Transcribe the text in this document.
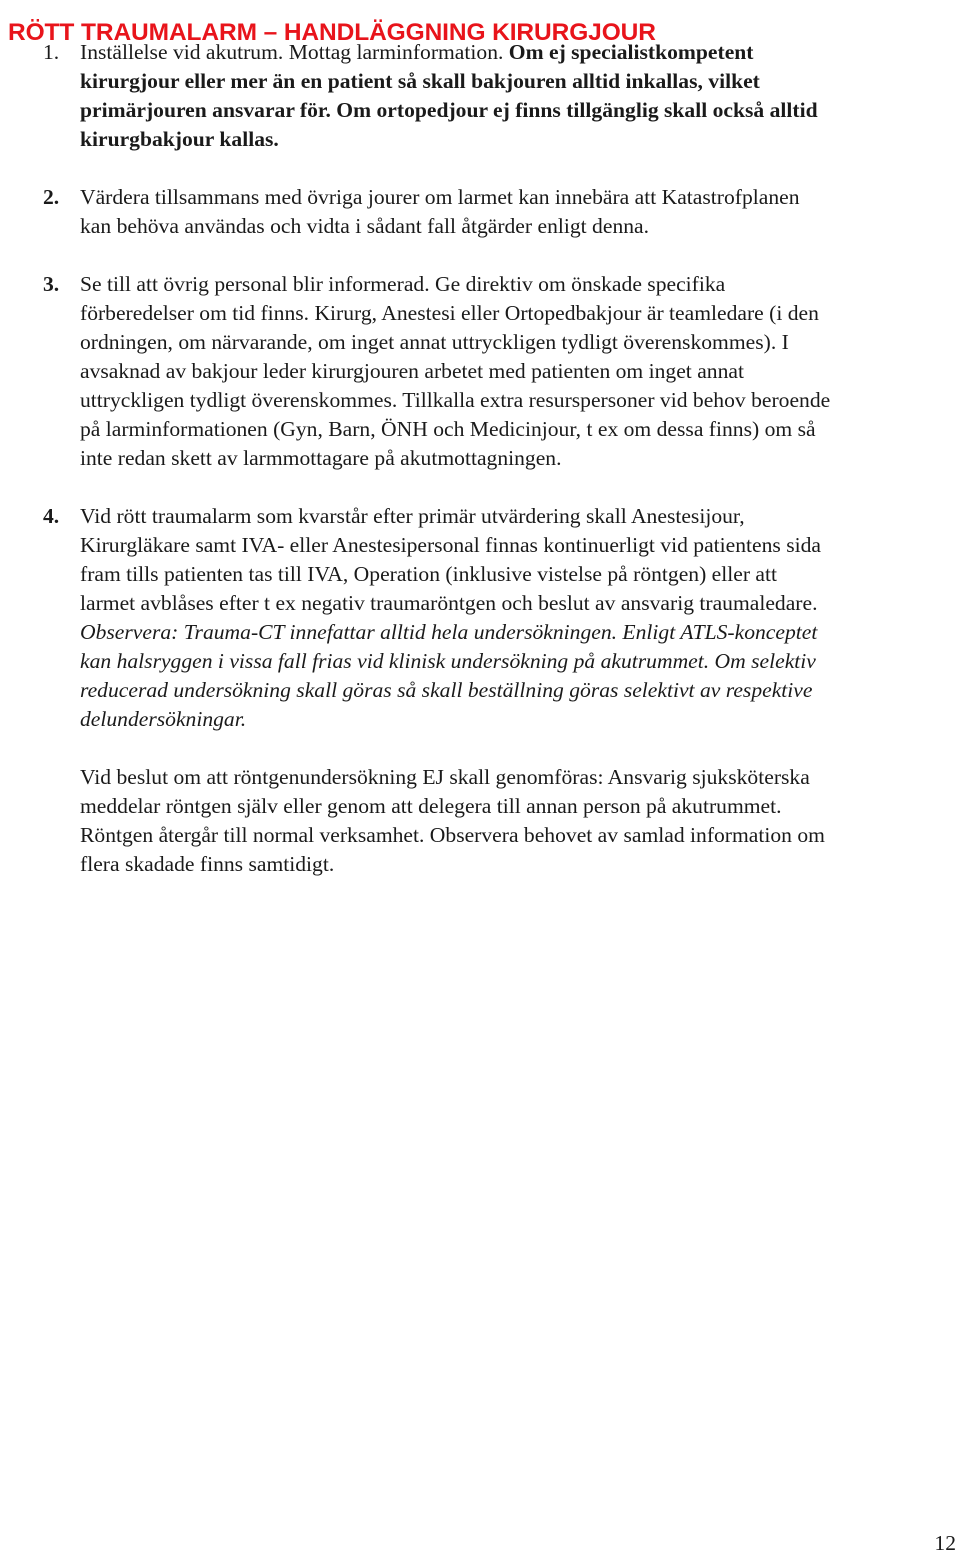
RÖTT TRAUMALARM – HANDLÄGGNING KIRURGJOUR
1. Inställelse vid akutrum. Mottag larminformation. Om ej specialistkompetent
kirurgjour eller mer än en patient så skall bakjouren alltid inkallas, vilket
primärjouren ansvarar för. Om ortopedjour ej finns tillgänglig skall också alltid
kirurgbakjour kallas.
2. Värdera tillsammans med övriga jourer om larmet kan innebära att Katastrofplanen
kan behöva användas och vidta i sådant fall åtgärder enligt denna.
3. Se till att övrig personal blir informerad. Ge direktiv om önskade specifika
förberedelser om tid finns. Kirurg, Anestesi eller Ortopedbakjour är teamledare (i den
ordningen, om närvarande, om inget annat uttryckligen tydligt överenskommes). I
avsaknad av bakjour leder kirurgjouren arbetet med patienten om inget annat
uttryckligen tydligt överenskommes. Tillkalla extra resurspersoner vid behov beroende
på larminformationen (Gyn, Barn, ÖNH och Medicinjour, t ex om dessa finns) om så
inte redan skett av larmmottagare på akutmottagningen.
4. Vid rött traumalarm som kvarstår efter primär utvärdering skall Anestesijour,
Kirurgläkare samt IVA- eller Anestesipersonal finnas kontinuerligt vid patientens sida
fram tills patienten tas till IVA, Operation (inklusive vistelse på röntgen) eller att
larmet avblåses efter t ex negativ traumaröntgen och beslut av ansvarig traumaledare.
Observera: Trauma-CT innefattar alltid hela undersökningen. Enligt ATLS-konceptet
kan halsryggen i vissa fall frias vid klinisk undersökning på akutrummet. Om selektiv
reducerad undersökning skall göras så skall beställning göras selektivt av respektive
delundersökningar.
Vid beslut om att röntgenundersökning EJ skall genomföras: Ansvarig sjuksköterska
meddelar röntgen själv eller genom att delegera till annan person på akutrummet.
Röntgen återgår till normal verksamhet. Observera behovet av samlad information om
flera skadade finns samtidigt.
12
